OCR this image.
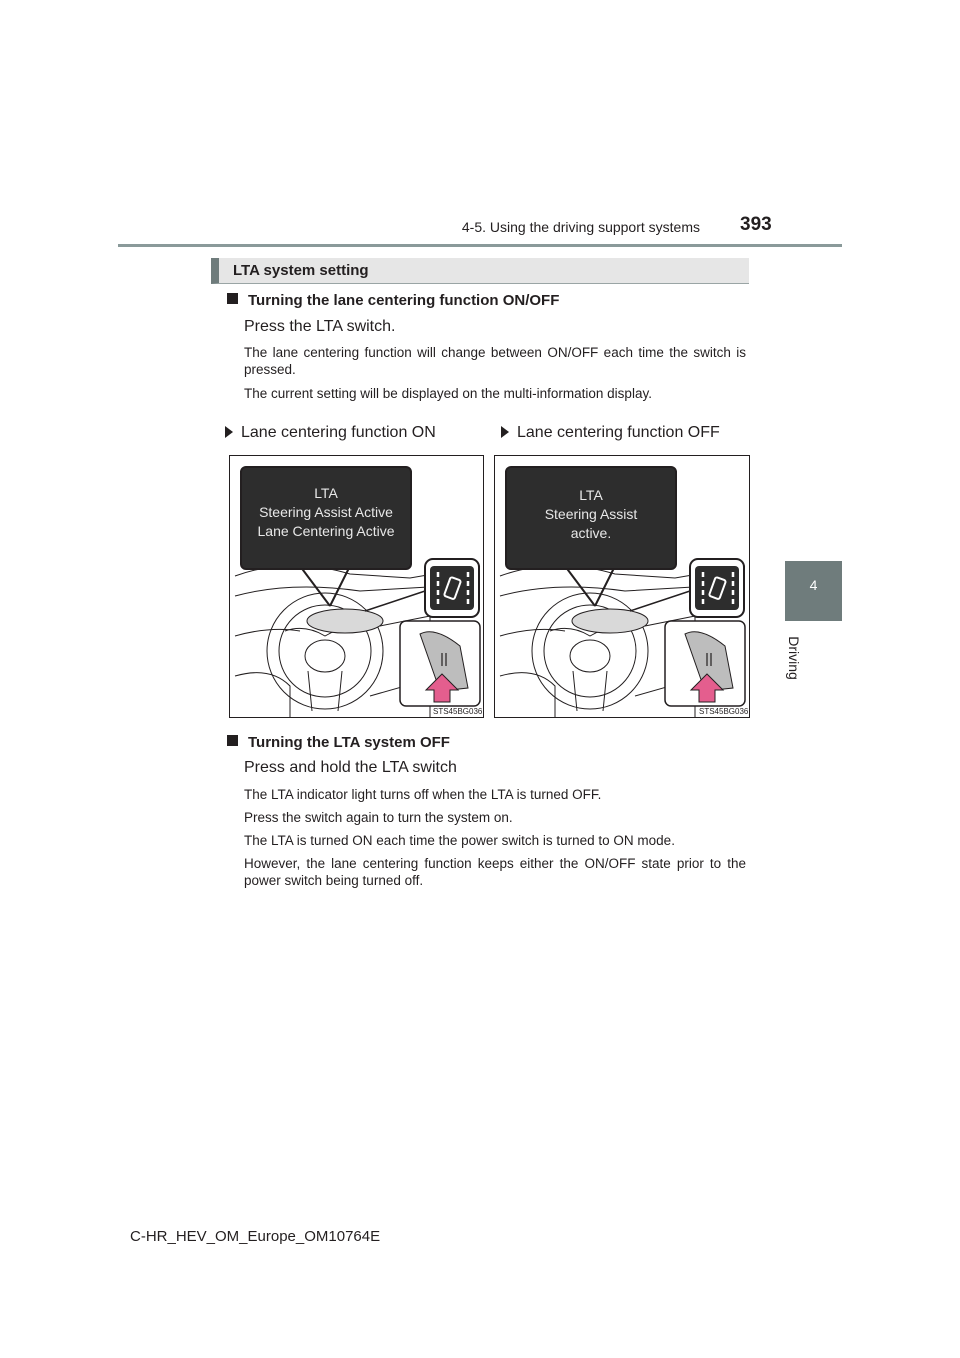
4-5. Using the driving support systems 393
4
Driving
LTA system setting
Turning the lane centering function ON/OFF
Press the LTA switch.
The lane centering function will change between ON/OFF each time the switch is pressed.
The current setting will be displayed on the multi-information display.
Lane centering function ON	Lane centering function OFF
LTA
Steering Assist Active
Lane Centering Active
STS45BG036
LTA
Steering Assist
active.
STS45BG036
Turning the LTA system OFF
Press and hold the LTA switch
The LTA indicator light turns off when the LTA is turned OFF.
Press the switch again to turn the system on.
The LTA is turned ON each time the power switch is turned to ON mode.
However, the lane centering function keeps either the ON/OFF state prior to the power switch being turned off.
C-HR_HEV_OM_Europe_OM10764E
